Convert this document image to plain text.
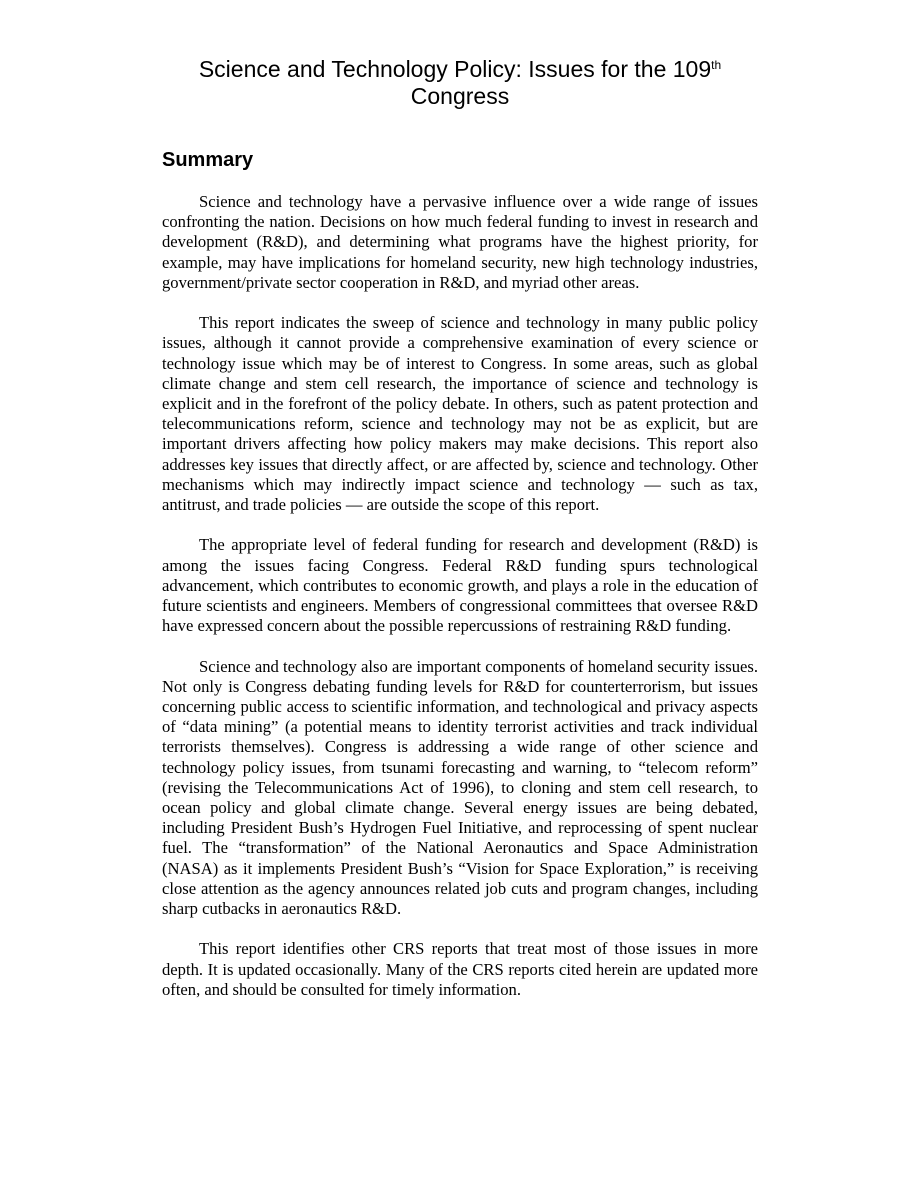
Science and Technology Policy: Issues for the 109th
Congress
Summary

Science and technology have a pervasive influence over a wide range of issues confronting the nation. Decisions on how much federal funding to invest in research and development (R&D), and determining what programs have the highest priority, for example, may have implications for homeland security, new high technology industries, government/private sector cooperation in R&D, and myriad other areas.

This report indicates the sweep of science and technology in many public policy issues, although it cannot provide a comprehensive examination of every science or technology issue which may be of interest to Congress. In some areas, such as global climate change and stem cell research, the importance of science and technology is explicit and in the forefront of the policy debate. In others, such as patent protection and telecommunications reform, science and technology may not be as explicit, but are important drivers affecting how policy makers may make decisions. This report also addresses key issues that directly affect, or are affected by, science and technology. Other mechanisms which may indirectly impact science and technology — such as tax, antitrust, and trade policies — are outside the scope of this report.

The appropriate level of federal funding for research and development (R&D) is among the issues facing Congress. Federal R&D funding spurs technological advancement, which contributes to economic growth, and plays a role in the education of future scientists and engineers. Members of congressional committees that oversee R&D have expressed concern about the possible repercussions of restraining R&D funding.

Science and technology also are important components of homeland security issues. Not only is Congress debating funding levels for R&D for counterterrorism, but issues concerning public access to scientific information, and technological and privacy aspects of “data mining” (a potential means to identity terrorist activities and track individual terrorists themselves). Congress is addressing a wide range of other science and technology policy issues, from tsunami forecasting and warning, to “telecom reform” (revising the Telecommunications Act of 1996), to cloning and stem cell research, to ocean policy and global climate change. Several energy issues are being debated, including President Bush’s Hydrogen Fuel Initiative, and reprocessing of spent nuclear fuel. The “transformation” of the National Aeronautics and Space Administration (NASA) as it implements President Bush’s “Vision for Space Exploration,” is receiving close attention as the agency announces related job cuts and program changes, including sharp cutbacks in aeronautics R&D.

This report identifies other CRS reports that treat most of those issues in more depth. It is updated occasionally. Many of the CRS reports cited herein are updated more often, and should be consulted for timely information.
